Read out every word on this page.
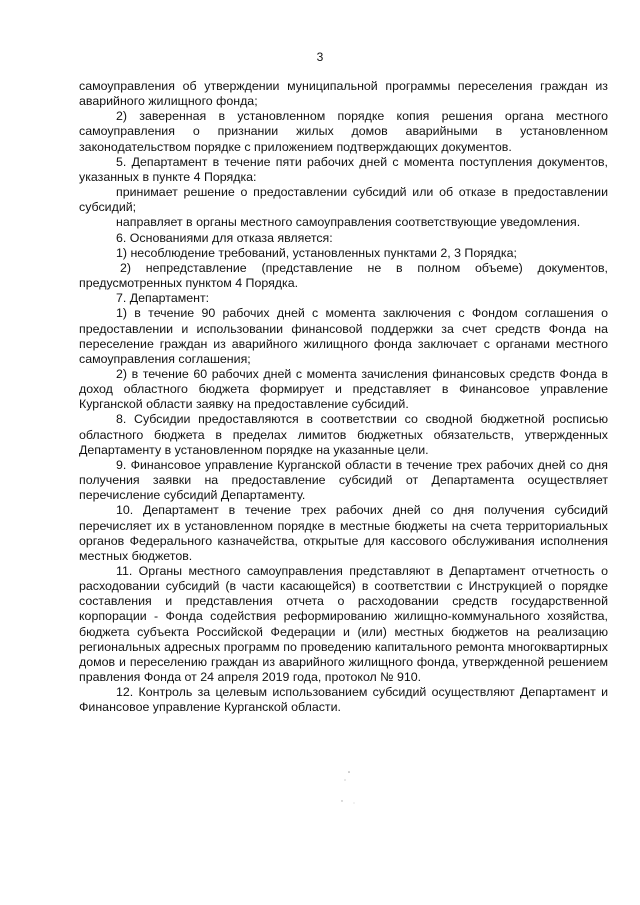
3

самоуправления об утверждении муниципальной программы переселения граждан из аварийного жилищного фонда;

2) заверенная в установленном порядке копия решения органа местного самоуправления о признании жилых домов аварийными в установленном законодательством порядке с приложением подтверждающих документов.

5. Департамент в течение пяти рабочих дней с момента поступления документов, указанных в пункте 4 Порядка:

принимает решение о предоставлении субсидий или об отказе в предоставлении субсидий;

направляет в органы местного самоуправления соответствующие уведомления.

6. Основаниями для отказа является:

1) несоблюдение требований, установленных пунктами 2, 3 Порядка;

2) непредставление (представление не в полном объеме) документов, предусмотренных пунктом 4 Порядка.

7. Департамент:

1) в течение 90 рабочих дней с момента заключения с Фондом соглашения о предоставлении и использовании финансовой поддержки за счет средств Фонда на переселение граждан из аварийного жилищного фонда заключает с органами местного самоуправления соглашения;

2) в течение 60 рабочих дней с момента зачисления финансовых средств Фонда в доход областного бюджета формирует и представляет в Финансовое управление Курганской области заявку на предоставление субсидий.

8. Субсидии предоставляются в соответствии со сводной бюджетной росписью областного бюджета в пределах лимитов бюджетных обязательств, утвержденных Департаменту в установленном порядке на указанные цели.

9. Финансовое управление Курганской области в течение трех рабочих дней со дня получения заявки на предоставление субсидий от Департамента осуществляет перечисление субсидий Департаменту.

10. Департамент в течение трех рабочих дней со дня получения субсидий перечисляет их в установленном порядке в местные бюджеты на счета территориальных органов Федерального казначейства, открытые для кассового обслуживания исполнения местных бюджетов.

11. Органы местного самоуправления представляют в Департамент отчетность о расходовании субсидий (в части касающейся) в соответствии с Инструкцией о порядке составления и представления отчета о расходовании средств государственной корпорации - Фонда содействия реформированию жилищно-коммунального хозяйства, бюджета субъекта Российской Федерации и (или) местных бюджетов на реализацию региональных адресных программ по проведению капитального ремонта многоквартирных домов и переселению граждан из аварийного жилищного фонда, утвержденной решением правления Фонда от 24 апреля 2019 года, протокол № 910.

12. Контроль за целевым использованием субсидий осуществляют Департамент и Финансовое управление Курганской области.
